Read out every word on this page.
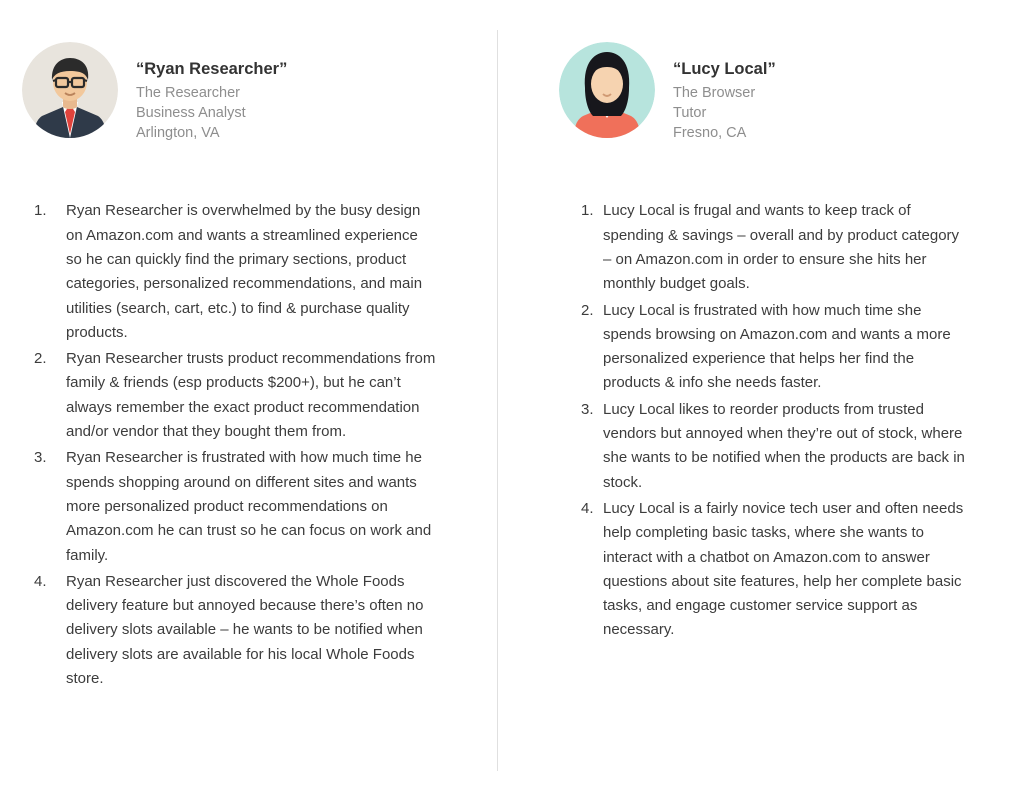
“Ryan Researcher”
The Researcher
Business Analyst
Arlington, VA
1.	Ryan Researcher is overwhelmed by the busy design on Amazon.com and wants a streamlined experience so he can quickly find the primary sections, product categories, personalized recommendations, and main utilities (search, cart, etc.) to find & purchase quality products.
2.	Ryan Researcher trusts product recommendations from family & friends (esp products $200+), but he can’t always remember the exact product recommendation and/or vendor that they bought them from.
3.	Ryan Researcher is frustrated with how much time he spends shopping around on different sites and wants more personalized product recommendations on Amazon.com he can trust so he can focus on work and family.
4.	Ryan Researcher just discovered the Whole Foods delivery feature but annoyed because there’s often no delivery slots available – he wants to be notified when delivery slots are available for his local Whole Foods store.
“Lucy Local”
The Browser
Tutor
Fresno, CA
1. Lucy Local is frugal and wants to keep track of spending & savings – overall and by product category – on Amazon.com in order to ensure she hits her monthly budget goals.
2. Lucy Local is frustrated with how much time she spends browsing on Amazon.com and wants a more personalized experience that helps her find the products & info she needs faster.
3. Lucy Local likes to reorder products from trusted vendors but annoyed when they’re out of stock, where she wants to be notified when the products are back in stock.
4. Lucy Local is a fairly novice tech user and often needs help completing basic tasks, where she wants to interact with a chatbot on Amazon.com to answer questions about site features, help her complete basic tasks, and engage customer service support as necessary.
